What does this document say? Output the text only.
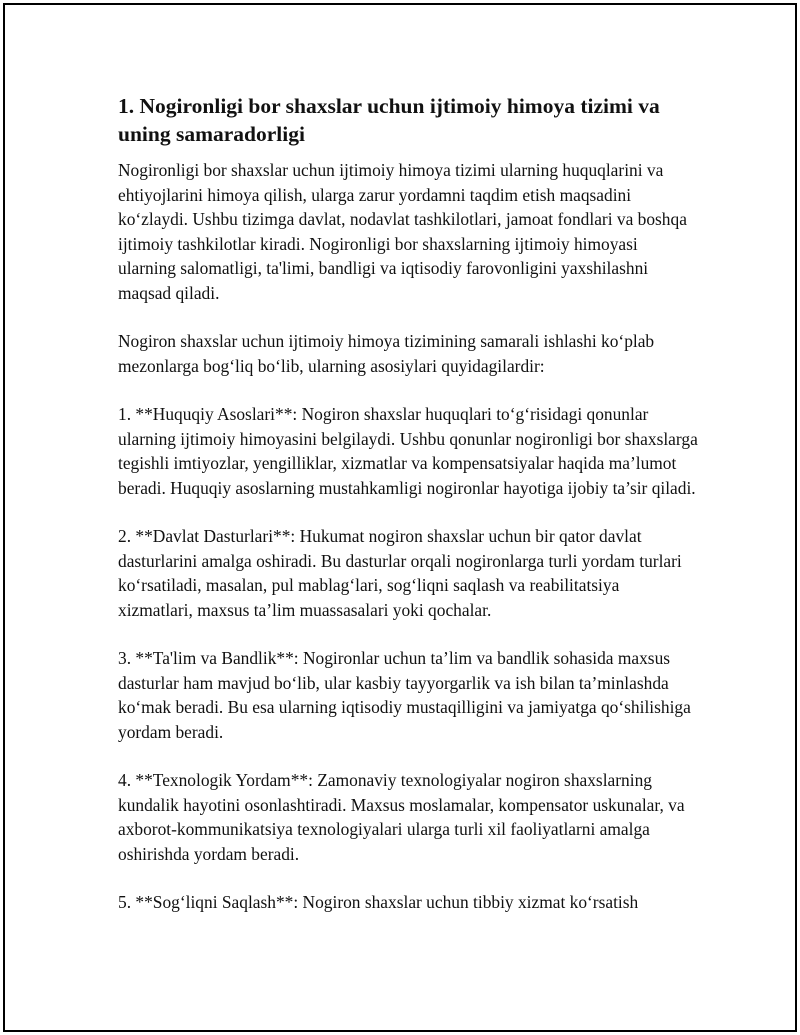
1. Nogironligi bor shaxslar uchun ijtimoiy himoya tizimi va uning samaradorligi

Nogironligi bor shaxslar uchun ijtimoiy himoya tizimi ularning huquqlarini va ehtiyojlarini himoya qilish, ularga zarur yordamni taqdim etish maqsadini ko‘zlaydi. Ushbu tizimga davlat, nodavlat tashkilotlari, jamoat fondlari va boshqa ijtimoiy tashkilotlar kiradi. Nogironligi bor shaxslarning ijtimoiy himoyasi ularning salomatligi, ta'limi, bandligi va iqtisodiy farovonligini yaxshilashni maqsad qiladi.

Nogiron shaxslar uchun ijtimoiy himoya tizimining samarali ishlashi ko‘plab mezonlarga bog‘liq bo‘lib, ularning asosiylari quyidagilardir:

1. **Huquqiy Asoslari**: Nogiron shaxslar huquqlari to‘g‘risidagi qonunlar ularning ijtimoiy himoyasini belgilaydi. Ushbu qonunlar nogironligi bor shaxslarga tegishli imtiyozlar, yengilliklar, xizmatlar va kompensatsiyalar haqida ma’lumot beradi. Huquqiy asoslarning mustahkamligi nogironlar hayotiga ijobiy ta’sir qiladi.

2. **Davlat Dasturlari**: Hukumat nogiron shaxslar uchun bir qator davlat dasturlarini amalga oshiradi. Bu dasturlar orqali nogironlarga turli yordam turlari ko‘rsatiladi, masalan, pul mablag‘lari, sog‘liqni saqlash va reabilitatsiya xizmatlari, maxsus ta’lim muassasalari yoki qochalar.

3. **Ta'lim va Bandlik**: Nogironlar uchun ta’lim va bandlik sohasida maxsus dasturlar ham mavjud bo‘lib, ular kasbiy tayyorgarlik va ish bilan ta’minlashda ko‘mak beradi. Bu esa ularning iqtisodiy mustaqilligini va jamiyatga qo‘shilishiga yordam beradi.

4. **Texnologik Yordam**: Zamonaviy texnologiyalar nogiron shaxslarning kundalik hayotini osonlashtiradi. Maxsus moslamalar, kompensator uskunalar, va axborot-kommunikatsiya texnologiyalari ularga turli xil faoliyatlarni amalga oshirishda yordam beradi.

5. **Sog‘liqni Saqlash**: Nogiron shaxslar uchun tibbiy xizmat ko‘rsatish
